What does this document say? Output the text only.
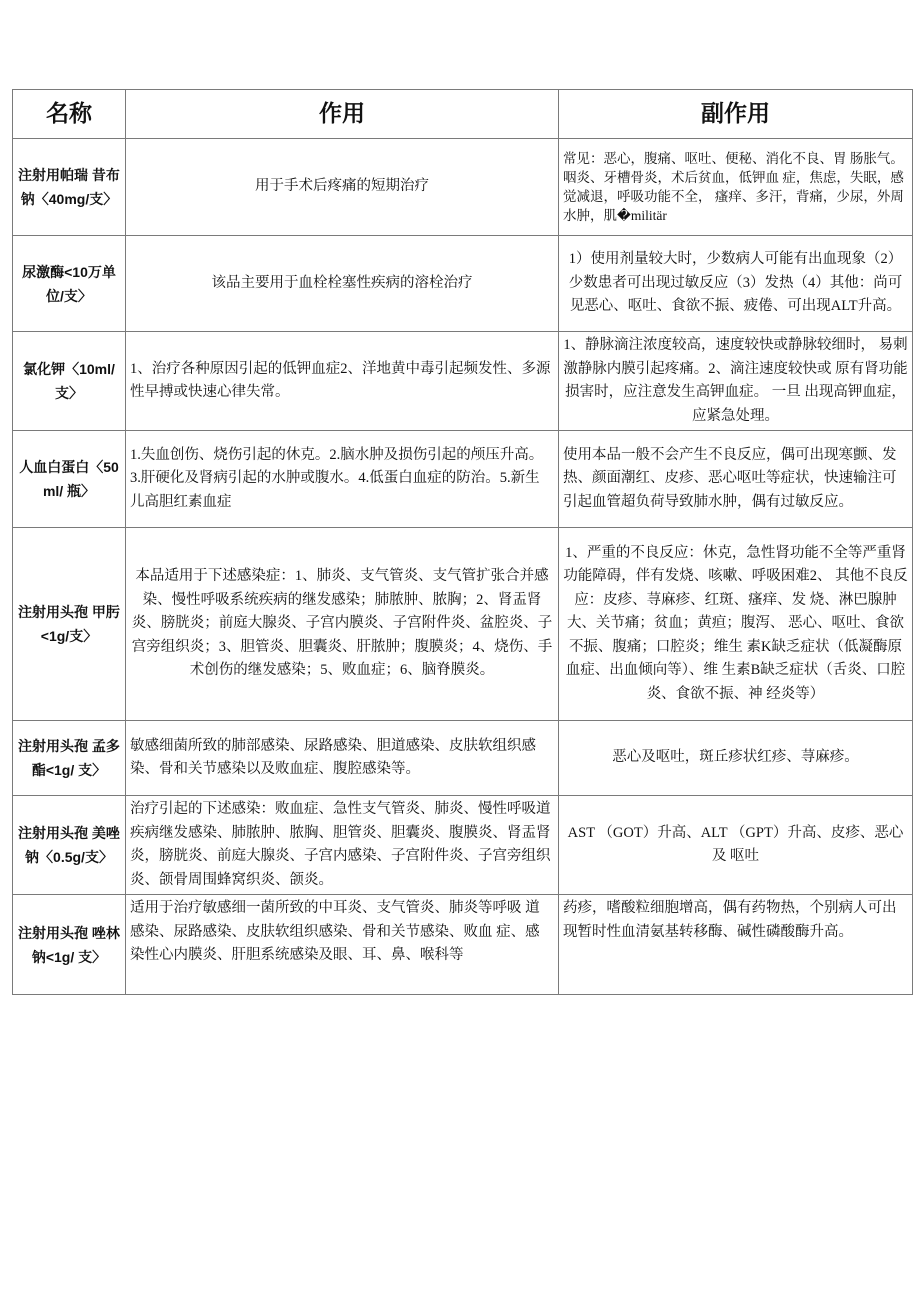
名称	作用	副作用
注射用帕瑞 昔布钠〈40mg/支〉	用于手术后疼痛的短期治疗	常见：恶心，腹痛、呕吐、便秘、消化不良、胃 肠胀气。咽炎、牙槽骨炎，术后贫血，低钾血 症，焦虑，失眠，感觉减退，呼吸功能不全， 瘙痒、多汗，背痛，少尿，外周水肿，肌�militär
尿激酶<10万单位/支〉	该品主要用于血栓栓塞性疾病的溶栓治疗	1）使用剂量较大时，少数病人可能有出血现象（2）少数患者可出现过敏反应（3）发热（4）其他：尚可见恶心、呕吐、食欲不振、疲倦、可出现ALT升高。
氯化钾〈10ml/ 支〉	1、治疗各种原因引起的低钾血症2、洋地黄中毒引起频发性、多源性早搏或快速心律失常。	1、静脉滴注浓度较高，速度较快或静脉较细时， 易刺激静脉内膜引起疼痛。2、滴注速度较快或 原有肾功能损害时，应注意发生高钾血症。 一旦 出现高钾血症，应紧急处理。
人血白蛋白〈50ml/ 瓶〉	1.失血创伤、烧伤引起的休克。2.脑水肿及损伤引起的颅压升高。3.肝硬化及肾病引起的水肿或腹水。4.低蛋白血症的防治。5.新生儿高胆红素血症	使用本品一般不会产生不良反应，偶可出现寒颤、发热、颜面潮红、皮疹、恶心呕吐等症状，快速输注可引起血管超负荷导致肺水肿，偶有过敏反应。
注射用头孢 甲肟<1g/支〉	本品适用于下述感染症：1、肺炎、支气管炎、支气管扩张合并感染、慢性呼吸系统疾病的继发感染；肺脓肿、脓胸；2、肾盂肾炎、膀胱炎；前庭大腺炎、子宫内膜炎、子宫附件炎、盆腔炎、子宫旁组织炎；3、胆管炎、胆囊炎、肝脓肿；腹膜炎；4、烧伤、手术创伤的继发感染；5、败血症；6、脑脊膜炎。	1、严重的不良反应：休克，急性肾功能不全等严重肾功能障碍，伴有发烧、咳嗽、呼吸困难2、 其他不良反应：皮疹、荨麻疹、红斑、瘙痒、发 烧、淋巴腺肿大、关节痛；贫血；黄疸；腹泻、 恶心、呕吐、食欲不振、腹痛；口腔炎；维生 素K缺乏症状（低凝酶原血症、出血倾向等）、维 生素B缺乏症状（舌炎、口腔炎、食欲不振、神 经炎等）
注射用头孢 孟多酯<1g/ 支〉	敏感细菌所致的肺部感染、尿路感染、胆道感染、皮肤软组织感染、骨和关节感染以及败血症、腹腔感染等。	恶心及呕吐，斑丘疹状红疹、荨麻疹。
注射用头孢 美唑钠〈0.5g/支〉	治疗引起的下述感染：败血症、急性支气管炎、肺炎、慢性呼吸道疾病继发感染、肺脓肿、脓胸、胆管炎、胆囊炎、腹膜炎、肾盂肾炎，膀胱炎、前庭大腺炎、子宫内感染、子宫附件炎、子宫旁组织炎、颌骨周围蜂窝织炎、颌炎。	AST （GOT）升高、ALT （GPT）升高、皮疹、恶心及 呕吐
注射用头孢 唑林钠<1g/ 支〉	适用于治疗敏感细一菌所致的中耳炎、支气管炎、肺炎等呼吸 道感染、尿路感染、皮肤软组织感染、骨和关节感染、败血 症、感染性心内膜炎、肝胆系统感染及眼、耳、鼻、喉科等	药疹，嗜酸粒细胞增高，偶有药物热，个别病人可出现暂时性血清氨基转移酶、碱性磷酸酶升高。
